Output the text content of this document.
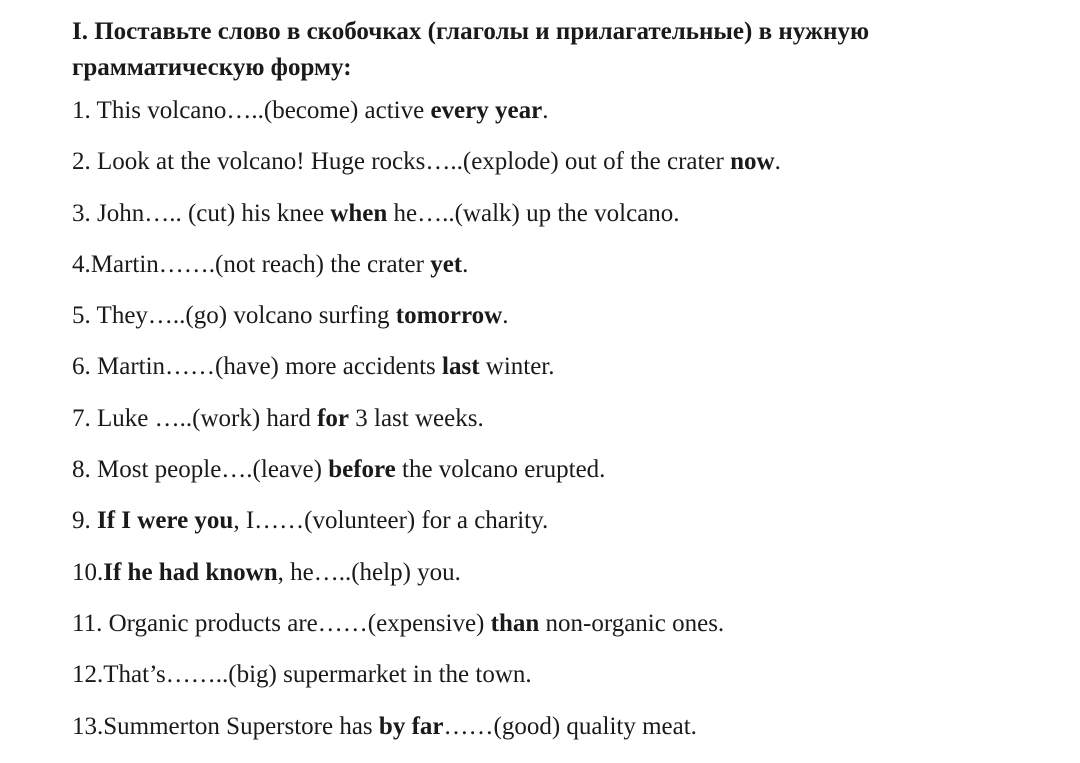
I. Поставьте слово в скобочках (глаголы и прилагательные) в нужную грамматическую форму:
1. This volcano…..(become) active every year.
2. Look at the volcano! Huge rocks…..(explode) out of the crater now.
3. John….. (cut) his knee when he…..(walk) up the volcano.
4.Martin…….(not reach) the crater yet.
5. They…..(go) volcano surfing tomorrow.
6. Martin……(have) more accidents last winter.
7. Luke …..(work) hard for 3 last weeks.
8. Most people….(leave) before the volcano erupted.
9. If I were you, I……(volunteer) for a charity.
10.If he had known, he…..(help) you.
11. Organic products are……(expensive) than non-organic ones.
12.That’s……..(big) supermarket in the town.
13.Summerton Superstore has by far……(good) quality meat.
